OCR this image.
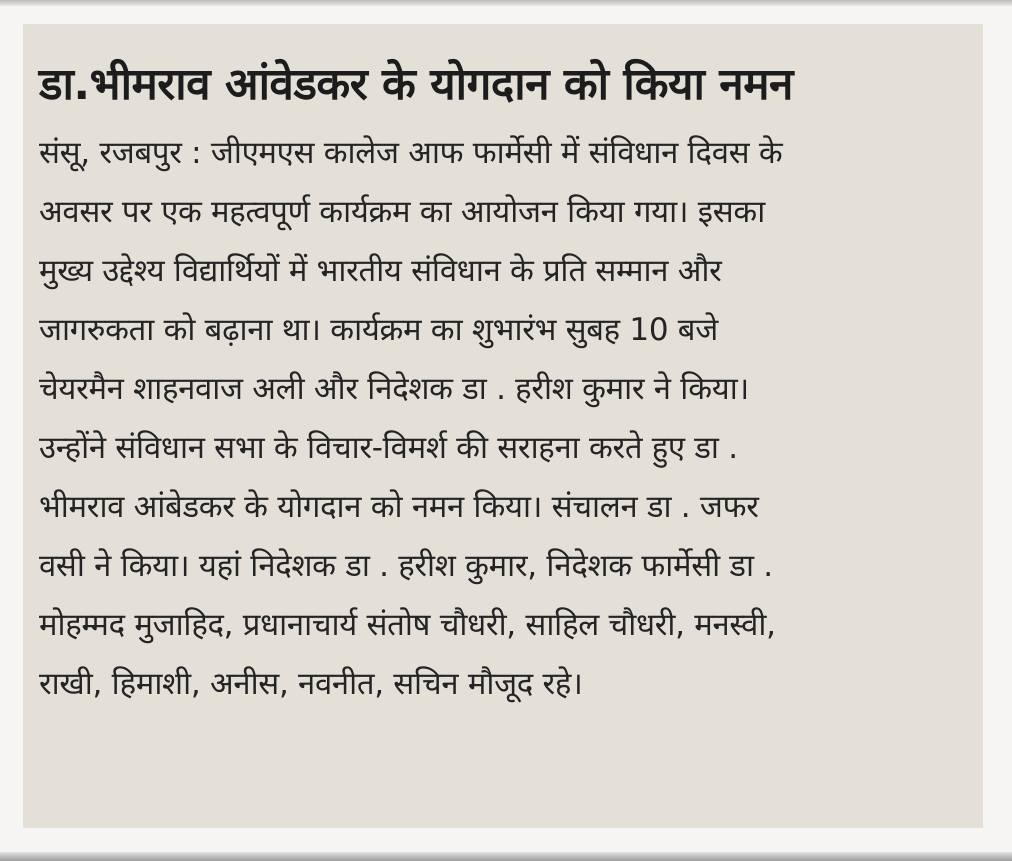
डा.भीमराव आंवेडकर के योगदान को किया नमन
संसू, रजबपुर : जीएमएस कालेज आफ फार्मेसी में संविधान दिवस के
अवसर पर एक महत्वपूर्ण कार्यक्रम का आयोजन किया गया। इसका
मुख्य उद्देश्य विद्यार्थियों में भारतीय संविधान के प्रति सम्मान और
जागरुकता को बढ़ाना था। कार्यक्रम का शुभारंभ सुबह 10 बजे
चेयरमैन शाहनवाज अली और निदेशक डा . हरीश कुमार ने किया।
उन्होंने संविधान सभा के विचार-विमर्श की सराहना करते हुए डा .
भीमराव आंबेडकर के योगदान को नमन किया। संचालन डा . जफर
वसी ने किया। यहां निदेशक डा . हरीश कुमार, निदेशक फार्मेसी डा .
मोहम्मद मुजाहिद, प्रधानाचार्य संतोष चौधरी, साहिल चौधरी, मनस्वी,
राखी, हिमाशी, अनीस, नवनीत, सचिन मौजूद रहे।
